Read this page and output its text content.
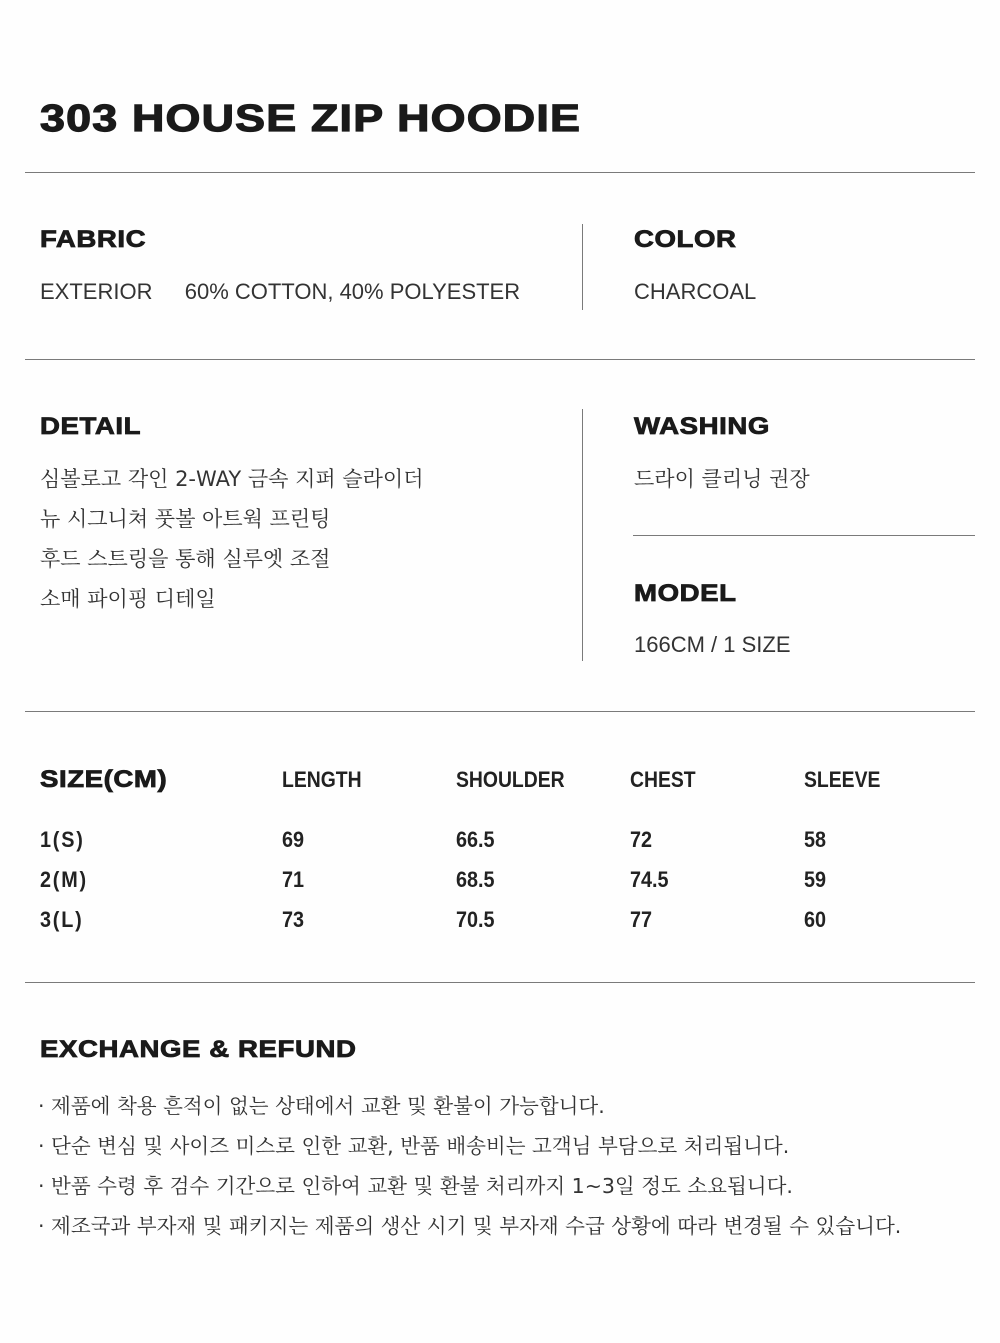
303 HOUSE ZIP HOODIE
FABRIC
EXTERIOR 60% COTTON, 40% POLYESTER
COLOR
CHARCOAL
DETAIL
심볼로고 각인 2-WAY 금속 지퍼 슬라이더
뉴 시그니쳐 풋볼 아트웍 프린팅
후드 스트링을 통해 실루엣 조절
소매 파이핑 디테일
WASHING
드라이 클리닝 권장
MODEL
166CM / 1 SIZE
SIZE(CM)	LENGTH	SHOULDER	CHEST	SLEEVE
1(S)	69	66.5	72	58
2(M)	71	68.5	74.5	59
3(L)	73	70.5	77	60
EXCHANGE & REFUND
· 제품에 착용 흔적이 없는 상태에서 교환 및 환불이 가능합니다.
· 단순 변심 및 사이즈 미스로 인한 교환, 반품 배송비는 고객님 부담으로 처리됩니다.
· 반품 수령 후 검수 기간으로 인하여 교환 및 환불 처리까지 1~3일 정도 소요됩니다.
· 제조국과 부자재 및 패키지는 제품의 생산 시기 및 부자재 수급 상황에 따라 변경될 수 있습니다.
